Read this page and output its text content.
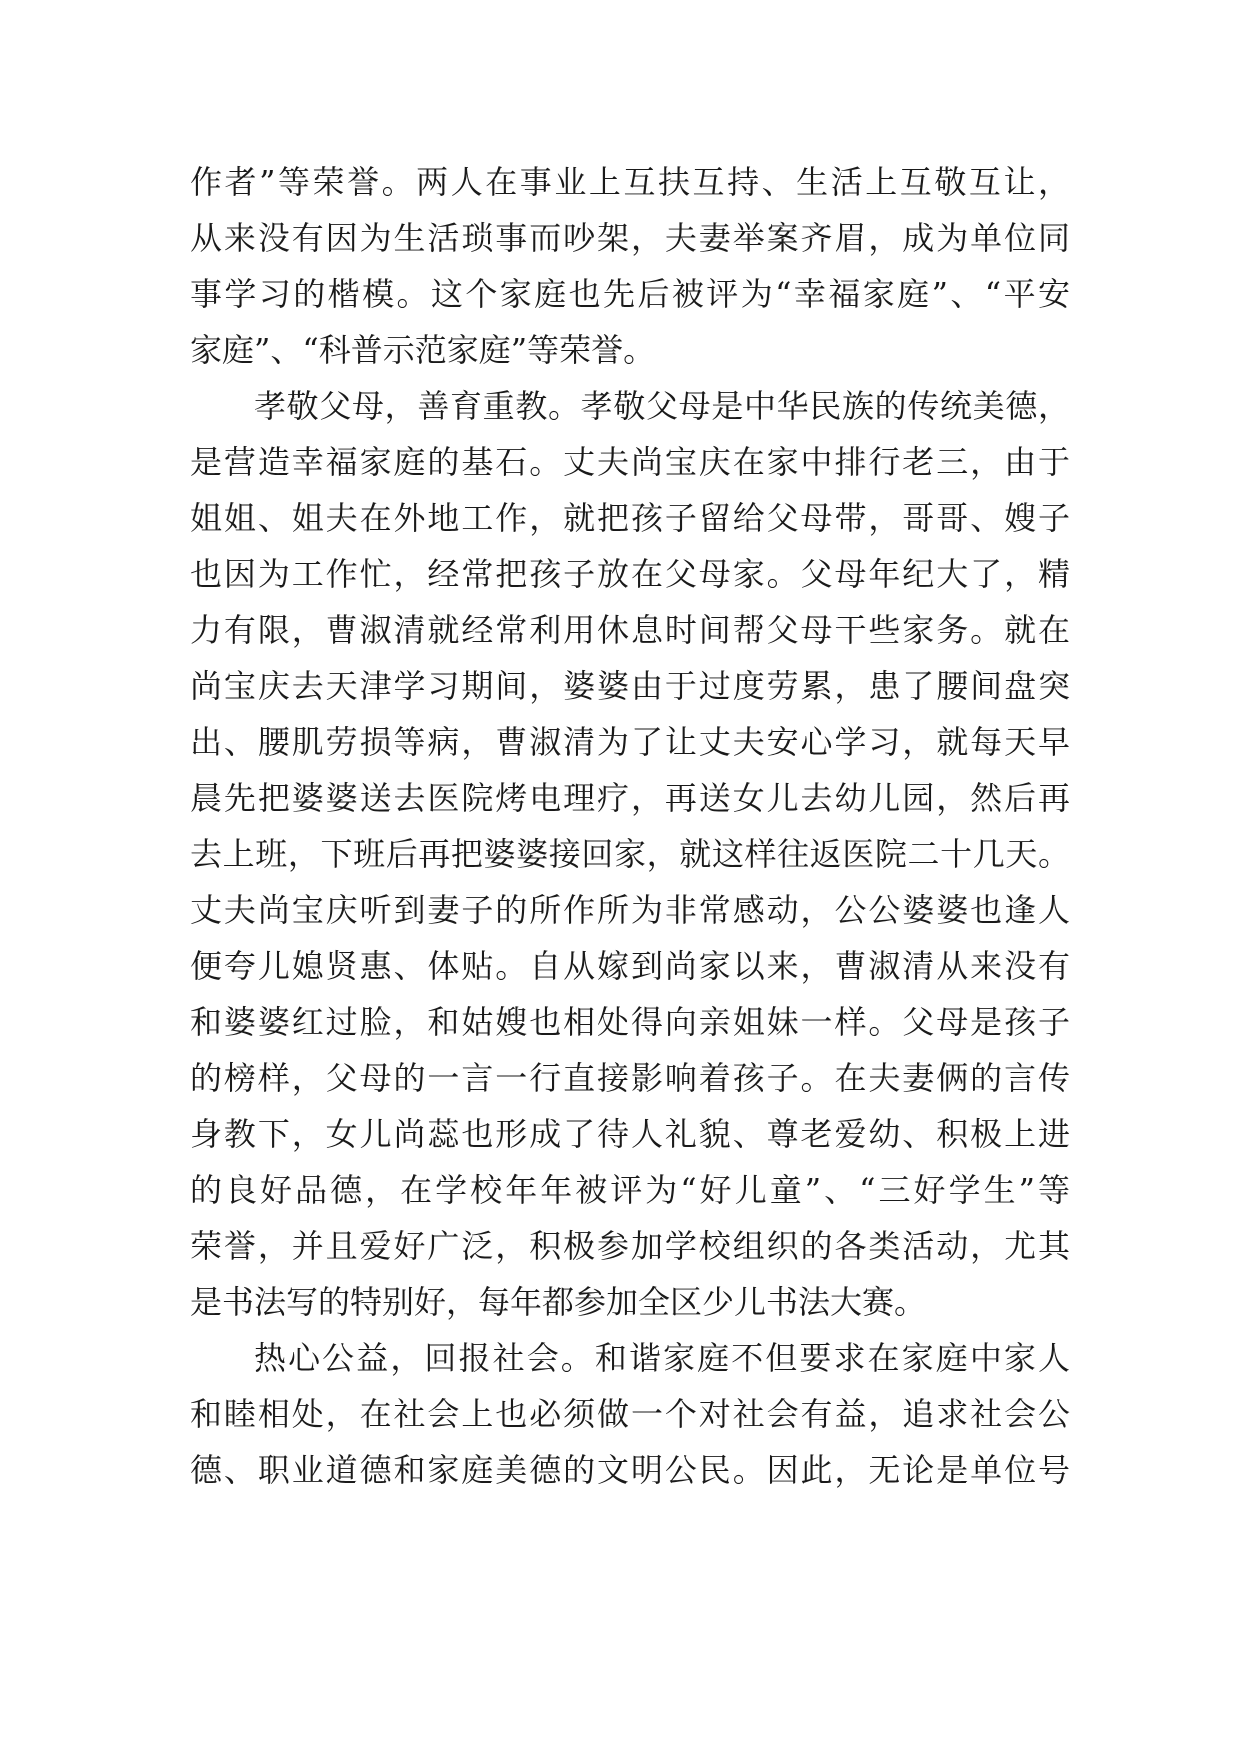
作者”等荣誉。两人在事业上互扶互持、生活上互敬互让，
从来没有因为生活琐事而吵架，夫妻举案齐眉，成为单位同
事学习的楷模。这个家庭也先后被评为“幸福家庭”、“平安
家庭”、“科普示范家庭”等荣誉。
孝敬父母，善育重教。孝敬父母是中华民族的传统美德，
是营造幸福家庭的基石。丈夫尚宝庆在家中排行老三，由于
姐姐、姐夫在外地工作，就把孩子留给父母带，哥哥、嫂子
也因为工作忙，经常把孩子放在父母家。父母年纪大了，精
力有限，曹淑清就经常利用休息时间帮父母干些家务。就在
尚宝庆去天津学习期间，婆婆由于过度劳累，患了腰间盘突
出、腰肌劳损等病，曹淑清为了让丈夫安心学习，就每天早
晨先把婆婆送去医院烤电理疗，再送女儿去幼儿园，然后再
去上班，下班后再把婆婆接回家，就这样往返医院二十几天。
丈夫尚宝庆听到妻子的所作所为非常感动，公公婆婆也逢人
便夸儿媳贤惠、体贴。自从嫁到尚家以来，曹淑清从来没有
和婆婆红过脸，和姑嫂也相处得向亲姐妹一样。父母是孩子
的榜样，父母的一言一行直接影响着孩子。在夫妻俩的言传
身教下，女儿尚蕊也形成了待人礼貌、尊老爱幼、积极上进
的良好品德，在学校年年被评为“好儿童”、“三好学生”等
荣誉，并且爱好广泛，积极参加学校组织的各类活动，尤其
是书法写的特别好，每年都参加全区少儿书法大赛。
热心公益，回报社会。和谐家庭不但要求在家庭中家人
和睦相处，在社会上也必须做一个对社会有益，追求社会公
德、职业道德和家庭美德的文明公民。因此，无论是单位号
